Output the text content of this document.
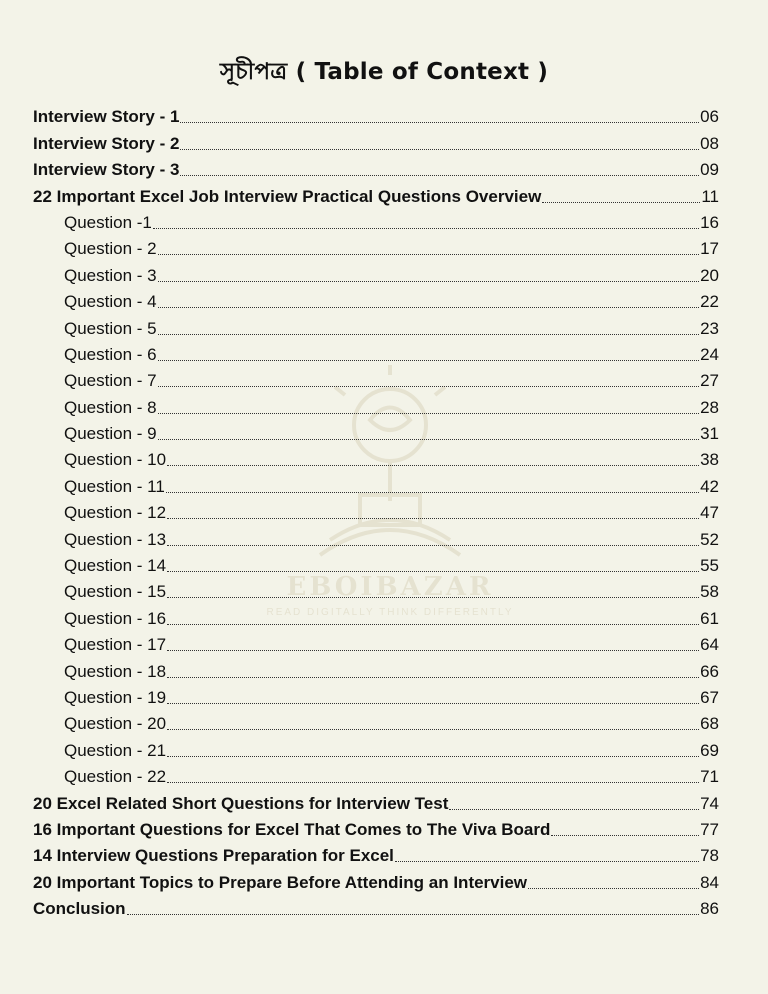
EBOIBAZAR
READ DIGITALLY THINK DIFFERENTLY
সূচীপত্র ( Table of Context )
Interview Story - 1	06
Interview Story - 2	08
Interview Story - 3	09
22 Important Excel Job Interview Practical Questions Overview	11
Question -1	16
Question - 2	17
Question - 3	20
Question - 4	22
Question - 5	23
Question - 6	24
Question - 7	27
Question - 8	28
Question - 9	31
Question - 10	38
Question - 11	42
Question - 12	47
Question - 13	52
Question - 14	55
Question - 15	58
Question - 16	61
Question - 17	64
Question - 18	66
Question - 19	67
Question - 20	68
Question - 21	69
Question - 22	71
20 Excel Related Short Questions for Interview Test	74
16 Important Questions for Excel That Comes to The Viva Board	77
14 Interview Questions Preparation for Excel	78
20 Important Topics to Prepare Before Attending an Interview	84
Conclusion	86
